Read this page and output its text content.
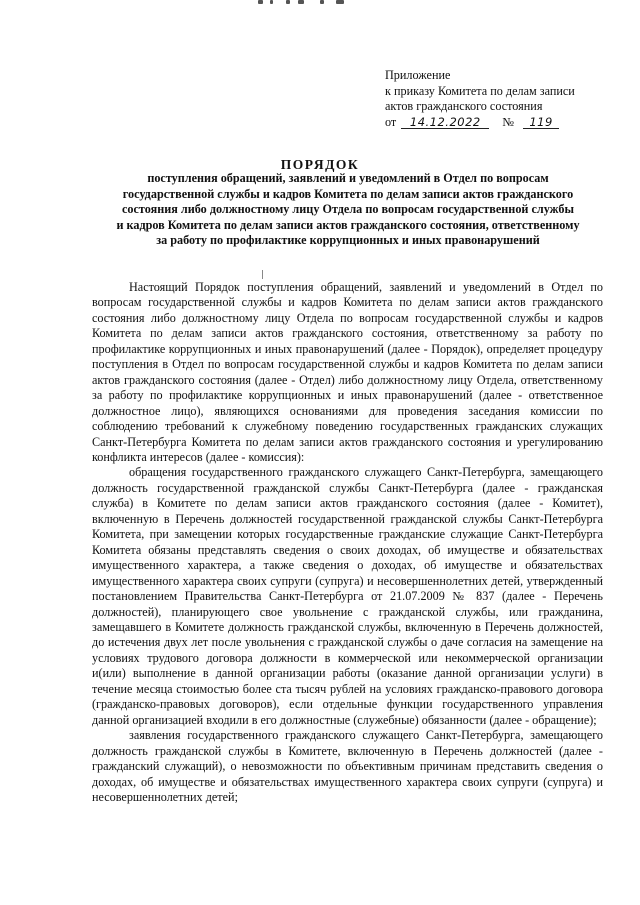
Приложение
к приказу Комитета по делам записи
актов гражданского состояния
от 14.12.2022 № 119
ПОРЯДОК
поступления обращений, заявлений и уведомлений в Отдел по вопросам
государственной службы и кадров Комитета по делам записи актов гражданского
состояния либо должностному лицу Отдела по вопросам государственной службы
и кадров Комитета по делам записи актов гражданского состояния, ответственному
за работу по профилактике коррупционных и иных правонарушений

Настоящий Порядок поступления обращений, заявлений и уведомлений в Отдел по вопросам государственной службы и кадров Комитета по делам записи актов гражданского состояния либо должностному лицу Отдела по вопросам государственной службы и кадров Комитета по делам записи актов гражданского состояния, ответственному за работу по профилактике коррупционных и иных правонарушений (далее - Порядок), определяет процедуру поступления в Отдел по вопросам государственной службы и кадров Комитета по делам записи актов гражданского состояния (далее - Отдел) либо должностному лицу Отдела, ответственному за работу по профилактике коррупционных и иных правонарушений (далее - ответственное должностное лицо), являющихся основаниями для проведения заседания комиссии по соблюдению требований к служебному поведению государственных гражданских служащих Санкт-Петербурга Комитета по делам записи актов гражданского состояния и урегулированию конфликта интересов (далее - комиссия):

обращения государственного гражданского служащего Санкт-Петербурга, замещающего должность государственной гражданской службы Санкт-Петербурга (далее - гражданская служба) в Комитете по делам записи актов гражданского состояния (далее - Комитет), включенную в Перечень должностей государственной гражданской службы Санкт-Петербурга Комитета, при замещении которых государственные гражданские служащие Санкт-Петербурга Комитета обязаны представлять сведения о своих доходах, об имуществе и обязательствах имущественного характера, а также сведения о доходах, об имуществе и обязательствах имущественного характера своих супруги (супруга) и несовершеннолетних детей, утвержденный постановлением Правительства Санкт-Петербурга от 21.07.2009 № 837 (далее - Перечень должностей), планирующего свое увольнение с гражданской службы, или гражданина, замещавшего в Комитете должность гражданской службы, включенную в Перечень должностей, до истечения двух лет после увольнения с гражданской службы о даче согласия на замещение на условиях трудового договора должности в коммерческой или некоммерческой организации и(или) выполнение в данной организации работы (оказание данной организации услуги) в течение месяца стоимостью более ста тысяч рублей на условиях гражданско-правового договора (гражданско-правовых договоров), если отдельные функции государственного управления данной организацией входили в его должностные (служебные) обязанности (далее - обращение);

заявления государственного гражданского служащего Санкт-Петербурга, замещающего должность гражданской службы в Комитете, включенную в Перечень должностей (далее - гражданский служащий), о невозможности по объективным причинам представить сведения о доходах, об имуществе и обязательствах имущественного характера своих супруги (супруга) и несовершеннолетних детей;
